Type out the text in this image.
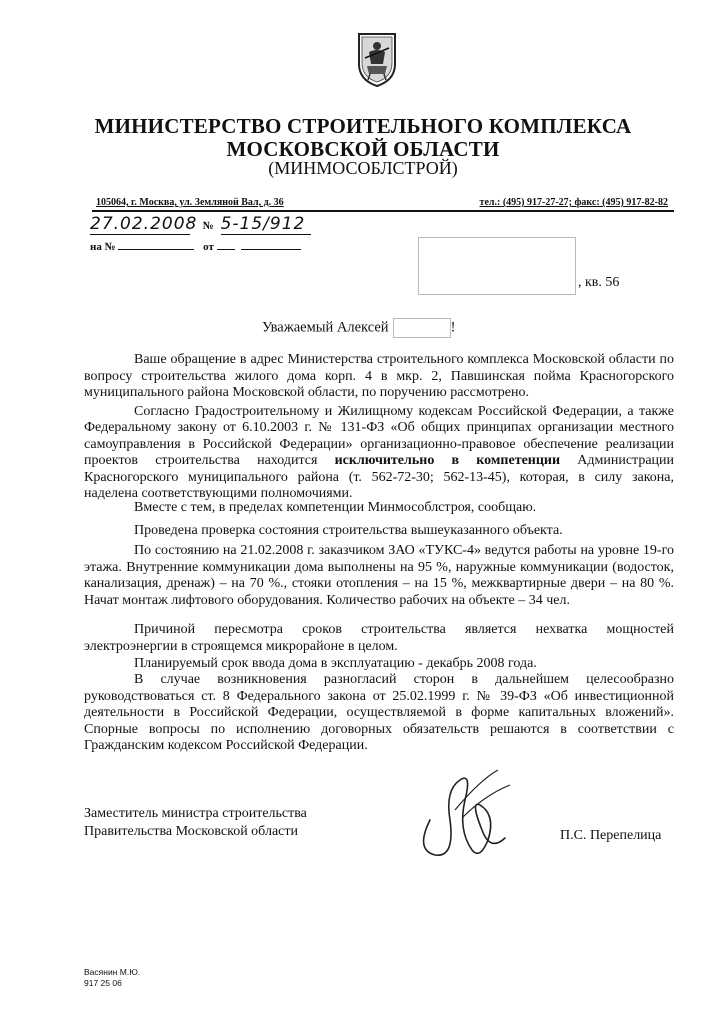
МИНИСТЕРСТВО СТРОИТЕЛЬНОГО КОМПЛЕКСА
МОСКОВСКОЙ ОБЛАСТИ
(МИНМОСОБЛСТРОЙ)
105064, г. Москва, ул. Земляной Вал, д. 36	тел.: (495) 917-27-27; факс: (495) 917-82-82
27.02.2008 № 5-15/912
на №	от
, кв. 56
Уважаемый Алексей	!

Ваше обращение в адрес Министерства строительного комплекса Московской области по вопросу строительства жилого дома корп. 4 в мкр. 2, Павшинская пойма Красногорского муниципального района Московской области, по поручению рассмотрено.

Согласно Градостроительному и Жилищному кодексам Российской Федерации, а также Федеральному закону от 6.10.2003 г. № 131-ФЗ «Об общих принципах организации местного самоуправления в Российской Федерации» организационно-правовое обеспечение реализации проектов строительства находится исключительно в компетенции Администрации Красногорского муниципального района (т. 562-72-30; 562-13-45), которая, в силу закона, наделена соответствующими полномочиями.

Вместе с тем, в пределах компетенции Минмособлстроя, сообщаю.

Проведена проверка состояния строительства вышеуказанного объекта.

По состоянию на 21.02.2008 г. заказчиком ЗАО «ТУКС-4» ведутся работы на уровне 19-го этажа. Внутренние коммуникации дома выполнены на 95 %, наружные коммуникации (водосток, канализация, дренаж) – на 70 %., стояки отопления – на 15 %, межквартирные двери – на 80 %. Начат монтаж лифтового оборудования. Количество рабочих на объекте – 34 чел.

Причиной пересмотра сроков строительства является нехватка мощностей электроэнергии в строящемся микрорайоне в целом.

Планируемый срок ввода дома в эксплуатацию - декабрь 2008 года.

В случае возникновения разногласий сторон в дальнейшем целесообразно руководствоваться ст. 8 Федерального закона от 25.02.1999 г. № 39-ФЗ «Об инвестиционной деятельности в Российской Федерации, осуществляемой в форме капитальных вложений». Спорные вопросы по исполнению договорных обязательств решаются в соответствии с Гражданским кодексом Российской Федерации.

Заместитель министра строительства
Правительства Московской области	П.С. Перепелица
Васянин М.Ю.
917 25 06
